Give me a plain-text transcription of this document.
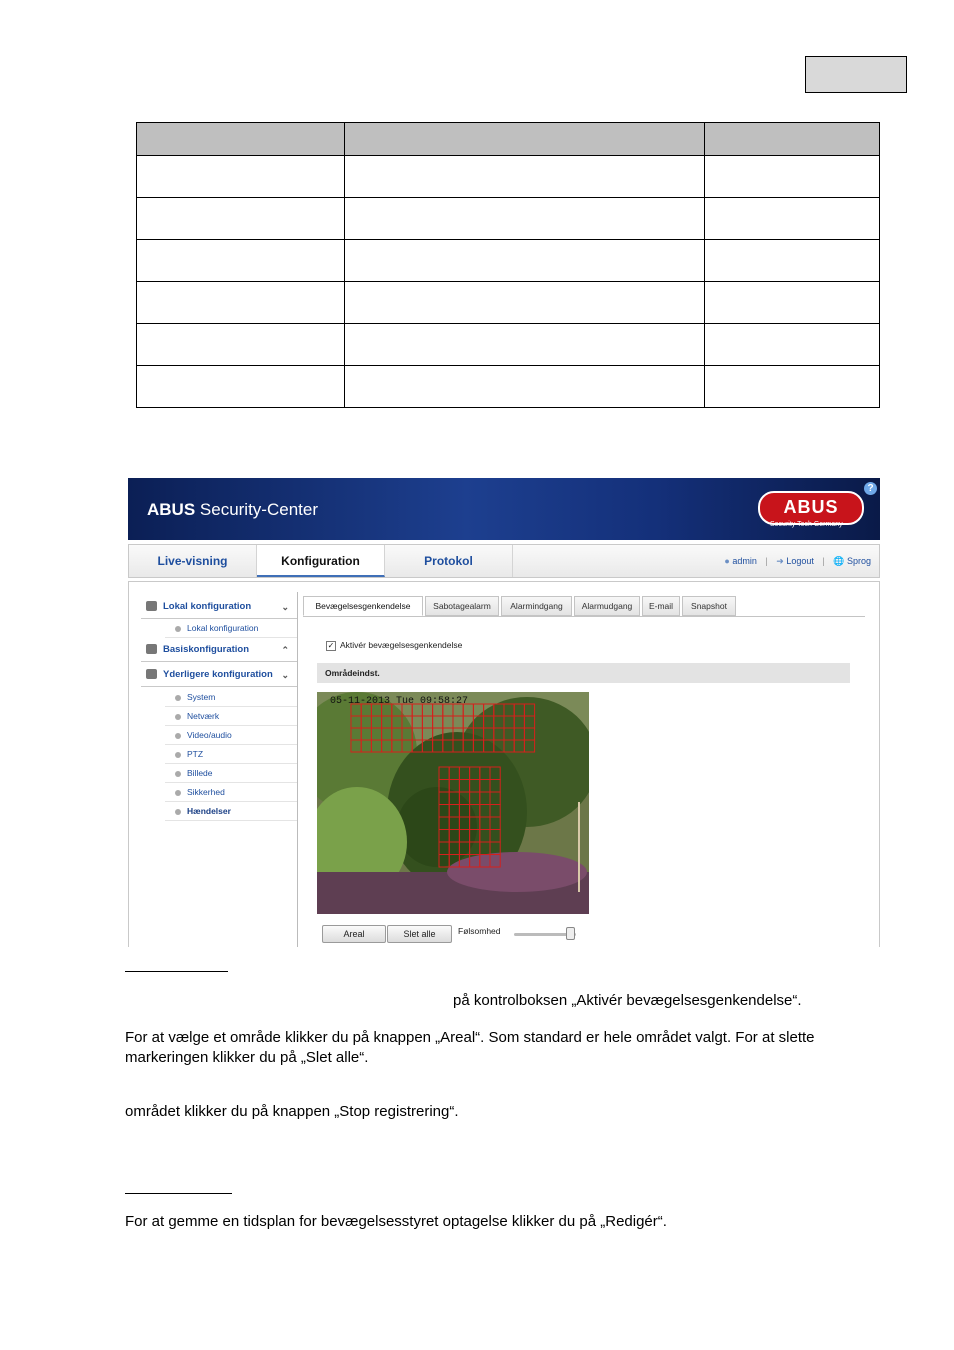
ABUS Security-Center	ABUS
Security Tech Germany
?
Live-visning	Konfiguration	Protokol	● admin | ➜ Logout | 🌐 Sprog
Lokal konfiguration	⌄
Lokal konfiguration
Basiskonfiguration	⌃
Yderligere konfiguration ⌄
System
Netværk
Video/audio
PTZ
Billede
Sikkerhed
Hændelser
Bevægelsesgenkendelse	Sabotagealarm	Alarmindgang	Alarmudgang	E-mail	Snapshot
✓ Aktivér bevægelsesgenkendelse
Områdeindst.
05-11-2013 Tue 09:58:27
Areal	Slet alle	Følsomhed
på kontrolboksen „Aktivér bevægelsesgenkendelse“.
For at vælge et område klikker du på knappen „Areal“. Som standard er hele området valgt. For at slette markeringen klikker du på „Slet alle“.
området klikker du på knappen „Stop registrering“.
For at gemme en tidsplan for bevægelsesstyret optagelse klikker du på „Redigér“.
